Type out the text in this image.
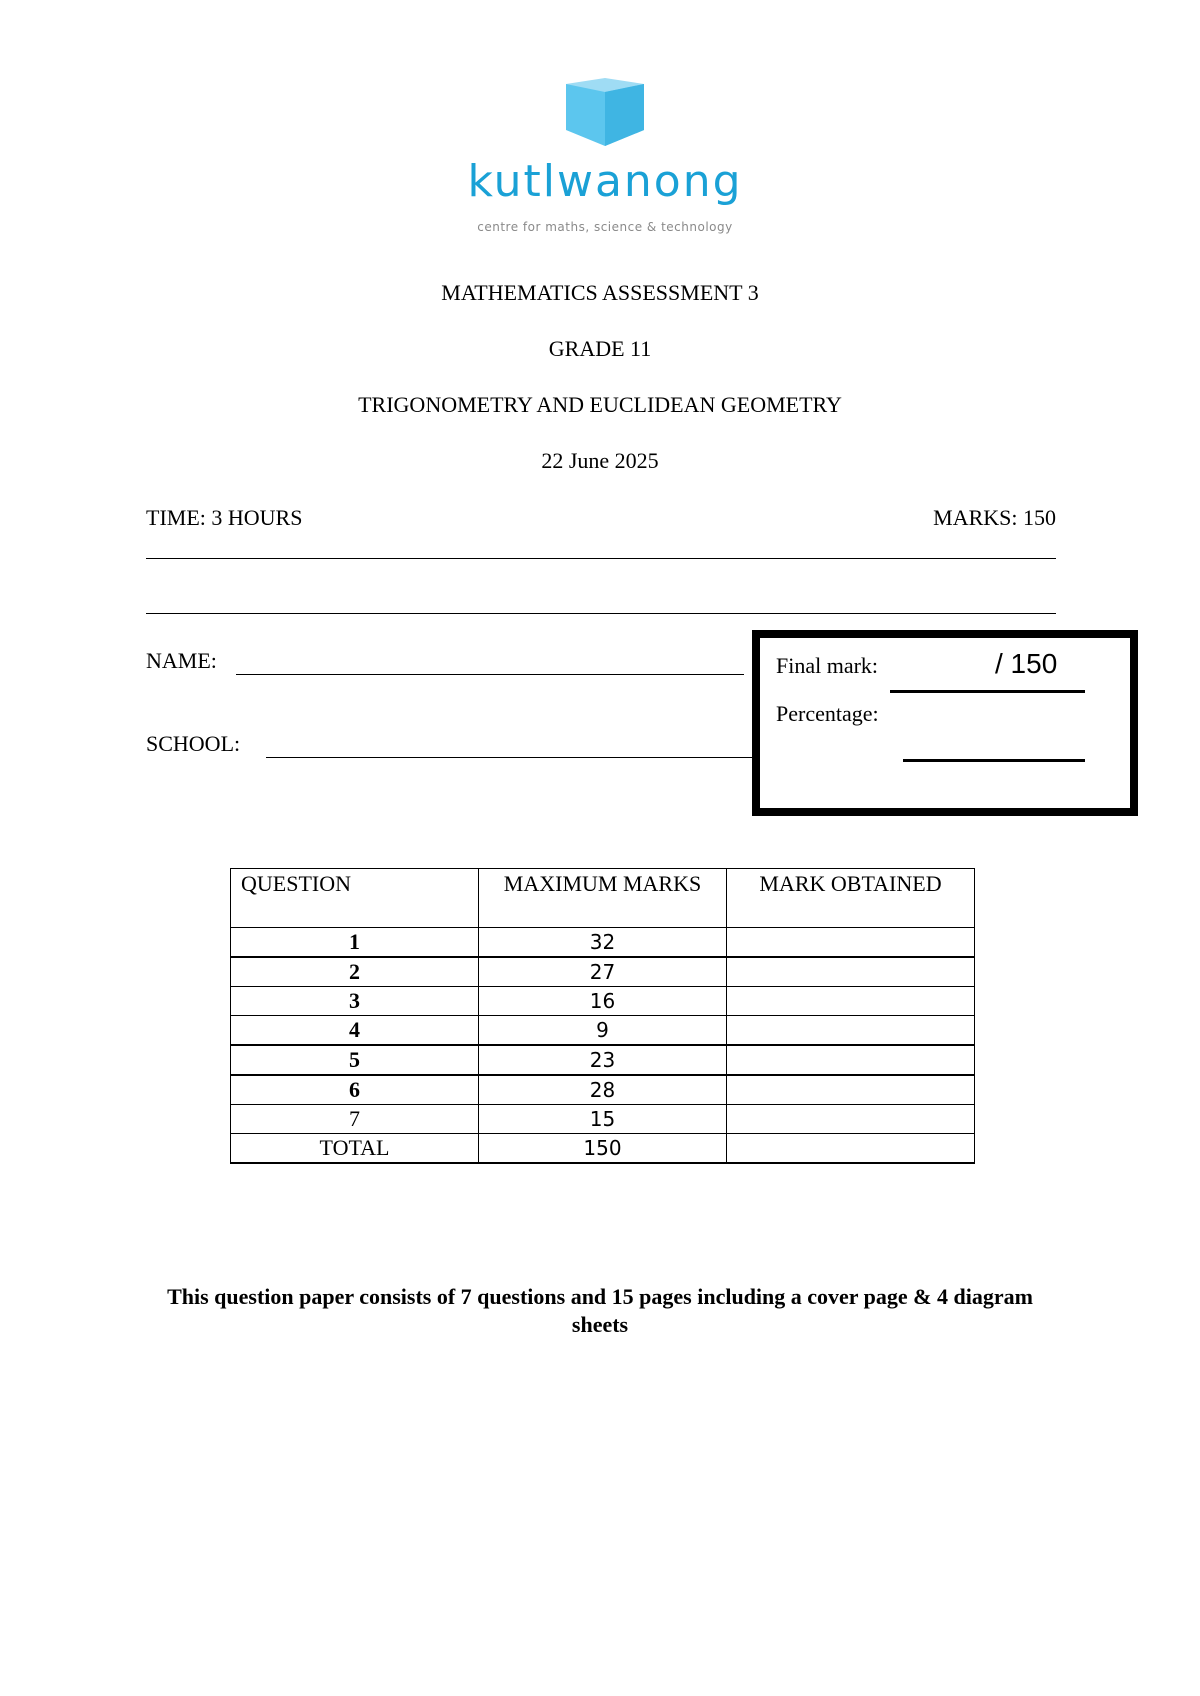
kutlwanong
centre for maths, science & technology
MATHEMATICS ASSESSMENT 3
GRADE 11
TRIGONOMETRY AND EUCLIDEAN GEOMETRY
22 June 2025
TIME: 3 HOURS	MARKS: 150
NAME:
SCHOOL:
Final mark:	/ 150
Percentage:
QUESTION	MAXIMUM MARKS	MARK OBTAINED
1	32	
2	27	
3	16	
4	9	
5	23	
6	28	
7	15	
TOTAL	150	
This question paper consists of 7 questions and 15 pages including a cover page & 4 diagram sheets
